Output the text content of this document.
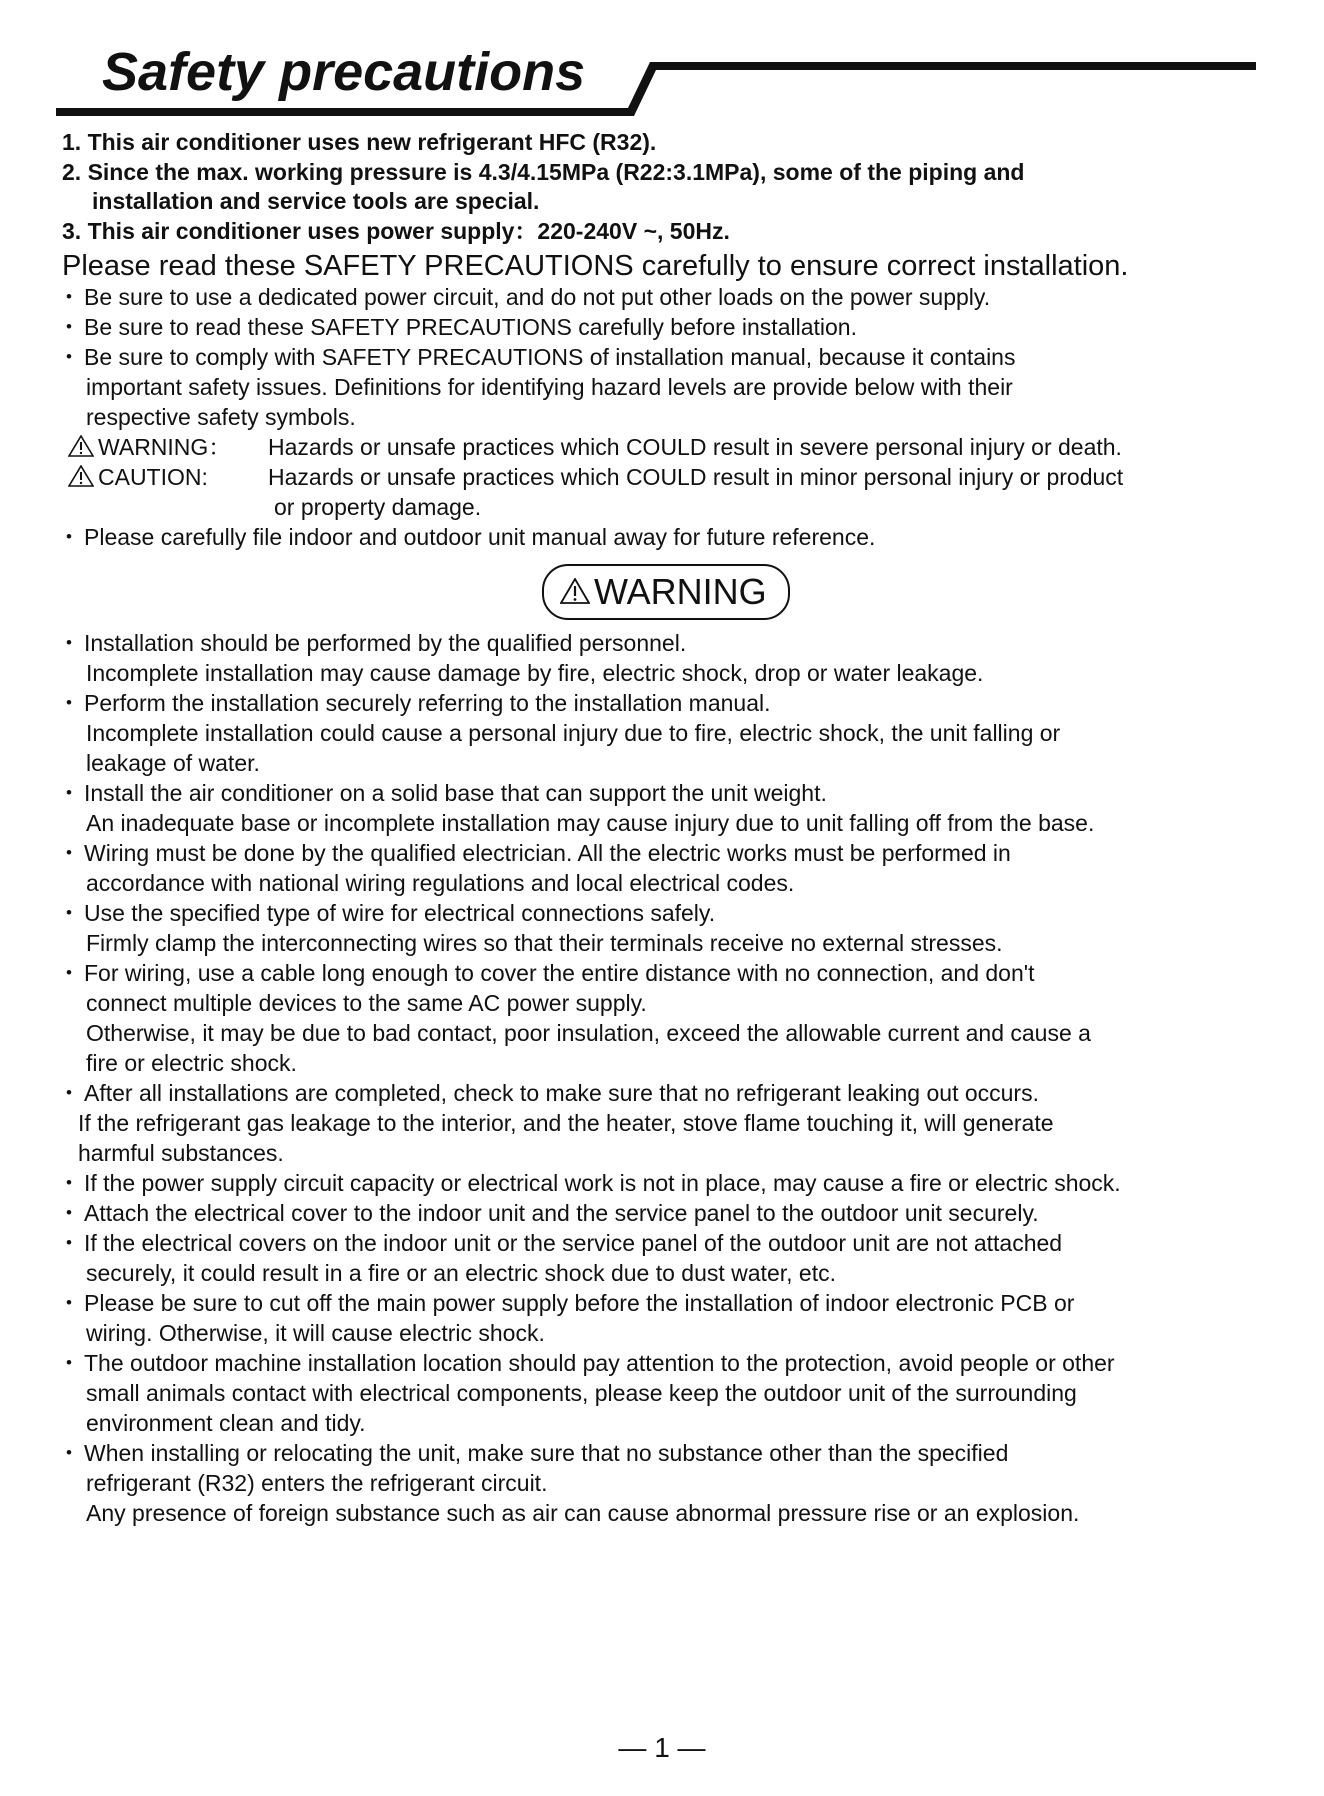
Safety precautions

1. This air conditioner uses new refrigerant HFC (R32).

2. Since the max. working pressure is 4.3/4.15MPa (R22:3.1MPa), some of the piping and

installation and service tools are special.

3. This air conditioner uses power supply：220-240V ~, 50Hz.

Please read these SAFETY PRECAUTIONS carefully to ensure correct installation.

• Be sure to use a dedicated power circuit, and do not put other loads on the power supply.

• Be sure to read these SAFETY PRECAUTIONS carefully before installation.

• Be sure to comply with SAFETY PRECAUTIONS of installation manual, because it contains

important safety issues. Definitions for identifying hazard levels are provide below with their

respective safety symbols.

WARNING： Hazards or unsafe practices which COULD result in severe personal injury or death.

CAUTION:	Hazards or unsafe practices which COULD result in minor personal injury or product

or property damage.

• Please carefully file indoor and outdoor unit manual away for future reference.

WARNING

• Installation should be performed by the qualified personnel.

Incomplete installation may cause damage by fire, electric shock, drop or water leakage.

• Perform the installation securely referring to the installation manual.

Incomplete installation could cause a personal injury due to fire, electric shock, the unit falling or

leakage of water.

• Install the air conditioner on a solid base that can support the unit weight.

An inadequate base or incomplete installation may cause injury due to unit falling off from the base.

• Wiring must be done by the qualified electrician. All the electric works must be performed in

accordance with national wiring regulations and local electrical codes.

• Use the specified type of wire for electrical connections safely.

Firmly clamp the interconnecting wires so that their terminals receive no external stresses.

• For wiring, use a cable long enough to cover the entire distance with no connection, and don't

connect multiple devices to the same AC power supply.

Otherwise, it may be due to bad contact, poor insulation, exceed the allowable current and cause a

fire or electric shock.

• After all installations are completed, check to make sure that no refrigerant leaking out occurs.

If the refrigerant gas leakage to the interior, and the heater, stove flame touching it, will generate

harmful substances.

• If the power supply circuit capacity or electrical work is not in place, may cause a fire or electric shock.

• Attach the electrical cover to the indoor unit and the service panel to the outdoor unit securely.

• If the electrical covers on the indoor unit or the service panel of the outdoor unit are not attached

securely, it could result in a fire or an electric shock due to dust water, etc.

• Please be sure to cut off the main power supply before the installation of indoor electronic PCB or

wiring. Otherwise, it will cause electric shock.

• The outdoor machine installation location should pay attention to the protection, avoid people or other

small animals contact with electrical components, please keep the outdoor unit of the surrounding

environment clean and tidy.

• When installing or relocating the unit, make sure that no substance other than the specified

refrigerant (R32) enters the refrigerant circuit.

Any presence of foreign substance such as air can cause abnormal pressure rise or an explosion.

— 1 —
